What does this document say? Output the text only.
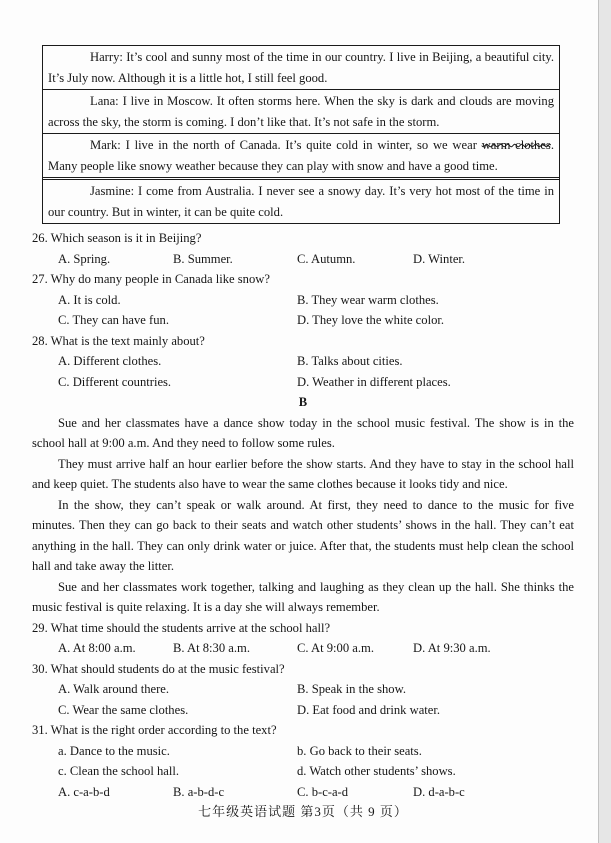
Harry: It’s cool and sunny most of the time in our country. I live in Beijing, a beautiful city. It’s July now. Although it is a little hot, I still feel good.
Lana: I live in Moscow. It often storms here. When the sky is dark and clouds are moving across the sky, the storm is coming. I don’t like that. It’s not safe in the storm.
Mark: I live in the north of Canada. It’s quite cold in winter, so we wear warm clothes. Many people like snowy weather because they can play with snow and have a good time.
Jasmine: I come from Australia. I never see a snowy day. It’s very hot most of the time in our country. But in winter, it can be quite cold.
26. Which season is it in Beijing?
A. Spring.	B. Summer.	C. Autumn.	D. Winter.
27. Why do many people in Canada like snow?
A. It is cold.	B. They wear warm clothes.
C. They can have fun.	D. They love the white color.
28. What is the text mainly about?
A. Different clothes.	B. Talks about cities.
C. Different countries.	D. Weather in different places.
B

Sue and her classmates have a dance show today in the school music festival. The show is in the school hall at 9:00 a.m. And they need to follow some rules.

They must arrive half an hour earlier before the show starts. And they have to stay in the school hall and keep quiet. The students also have to wear the same clothes because it looks tidy and nice.

In the show, they can’t speak or walk around. At first, they need to dance to the music for five minutes. Then they can go back to their seats and watch other students’ shows in the hall. They can’t eat anything in the hall. They can only drink water or juice. After that, the students must help clean the school hall and take away the litter.

Sue and her classmates work together, talking and laughing as they clean up the hall. She thinks the music festival is quite relaxing. It is a day she will always remember.

29. What time should the students arrive at the school hall?
A. At 8:00 a.m.	B. At 8:30 a.m.	C. At 9:00 a.m.	D. At 9:30 a.m.
30. What should students do at the music festival?
A. Walk around there.	B. Speak in the show.
C. Wear the same clothes.	D. Eat food and drink water.
31. What is the right order according to the text?
a. Dance to the music.	b. Go back to their seats.
c. Clean the school hall.	d. Watch other students’ shows.
A. c-a-b-d	B. a-b-d-c	C. b-c-a-d	D. d-a-b-c
七年级英语试题 第3页（共 9 页）
